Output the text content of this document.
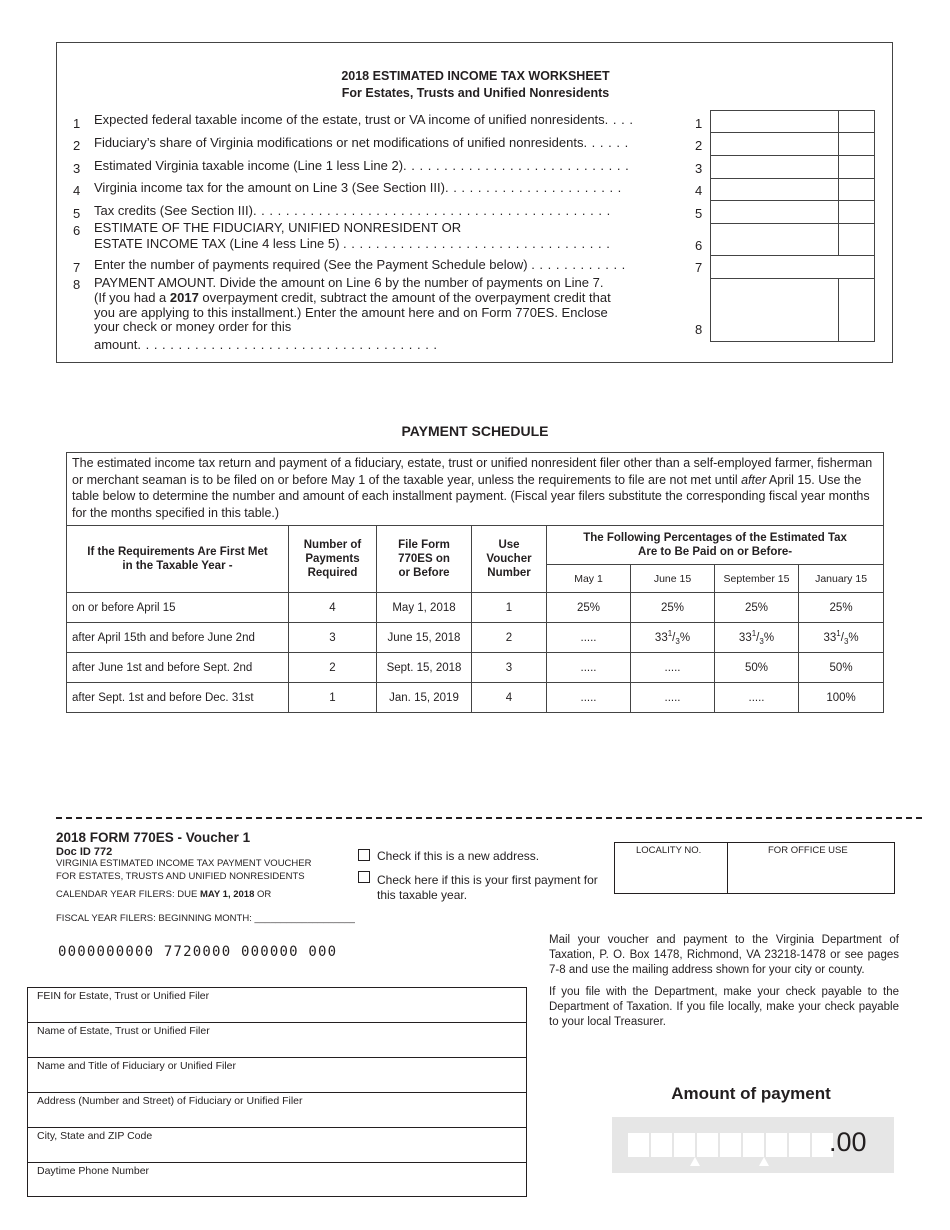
2018 ESTIMATED INCOME TAX WORKSHEET
For Estates, Trusts and Unified Nonresidents
1	Expected federal taxable income of the estate, trust or VA income of unified nonresidents. . . .	1
2	Fiduciary’s share of Virginia modifications or net modifications of unified nonresidents. . . . . .	2
3	Estimated Virginia taxable income (Line 1 less Line 2). . . . . . . . . . . . . . . . . . . . . . . . . . . .	3
4	Virginia income tax for the amount on Line 3 (See Section III). . . . . . . . . . . . . . . . . . . . . .	4
5	Tax credits (See Section III). . . . . . . . . . . . . . . . . . . . . . . . . . . . . . . . . . . . . . . . . . . .	5
6	ESTIMATE OF THE FIDUCIARY, UNIFIED NONRESIDENT OR
ESTATE INCOME TAX (Line 4 less Line 5) . . . . . . . . . . . . . . . . . . . . . . . . . . . . . . . . .	6
7	Enter the number of payments required (See the Payment Schedule below) . . . . . . . . . . . .	7
8	PAYMENT AMOUNT. Divide the amount on Line 6 by the number of payments on Line 7.
(If you had a 2017 overpayment credit, subtract the amount of the overpayment credit that
you are applying to this installment.) Enter the amount here and on Form 770ES. Enclose
your check or money order for this
amount. . . . . . . . . . . . . . . . . . . . . . . . . . . . . . . . . . . . .
8
PAYMENT SCHEDULE
The estimated income tax return and payment of a fiduciary, estate, trust or unified nonresident filer other than a self-employed farmer, fisherman or merchant seaman is to be filed on or before May 1 of the taxable year, unless the requirements to file are not met until after April 15. Use the table below to determine the number and amount of each installment payment. (Fiscal year filers substitute the corresponding fiscal year months for the months specified in this table.)							
If the Requirements Are First Met in the Taxable Year -	Number of Payments Required	File Form 770ES on or Before	Use Voucher Number	The Following Percentages of the Estimated Tax Are to Be Paid on or Before-			
				May 1	June 15	September 15	January 15
on or before April 15	4	May 1, 2018	1	25%	25%	25%	25%
after April 15th and before June 2nd	3	June 15, 2018	2	.....	$33^1/_3\%$	$33^1/_3\%$	$33^1/_3\%$
after June 1st and before Sept. 2nd	2	Sept. 15, 2018	3	.....	.....	50%	50%
after Sept. 1st and before Dec. 31st	1	Jan. 15, 2019	4	.....	.....	.....	100%
2018 FORM 770ES - Voucher 1
Doc ID 772
VIRGINIA ESTIMATED INCOME TAX PAYMENT VOUCHER
FOR ESTATES, TRUSTS AND UNIFIED NONRESIDENTS
CALENDAR YEAR FILERS: DUE MAY 1, 2018 OR
FISCAL YEAR FILERS: BEGINNING MONTH: ___________________
Check if this is a new address.
Check here if this is your first payment for this taxable year.
LOCALITY NO.	FOR OFFICE USE
0000000000 7720000 000000 000
Mail your voucher and payment to the Virginia Department of Taxation, P. O. Box 1478, Richmond, VA 23218-1478 or see pages 7-8 and use the mailing address shown for your city or county.
If you file with the Department, make your check payable to the Department of Taxation. If you file locally, make your check payable to your local Treasurer.
FEIN for Estate, Trust or Unified Filer
Name of Estate, Trust or Unified Filer
Name and Title of Fiduciary or Unified Filer
Address (Number and Street) of Fiduciary or Unified Filer
City, State and ZIP Code
Daytime Phone Number
Amount of payment
.00
